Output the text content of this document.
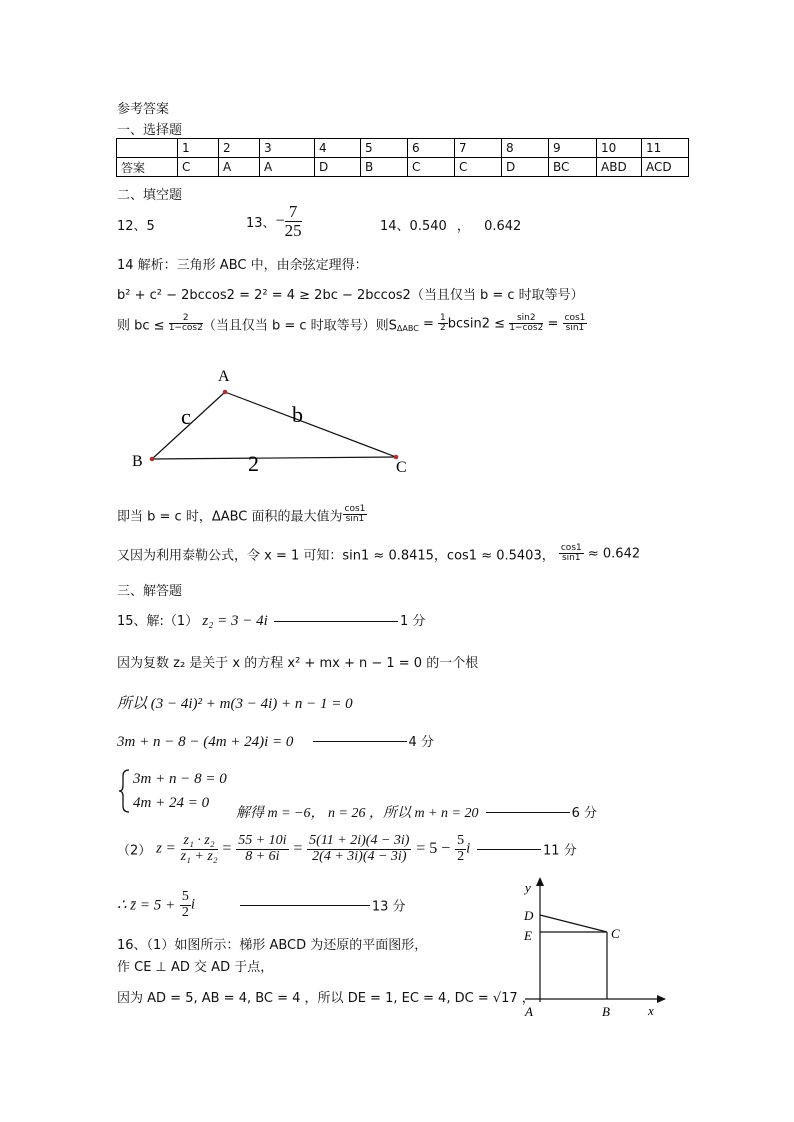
参考答案
一、选择题
	1	2	3	4	5	6	7	8	9	10	11
答案	C	A	A	D	B	C	C	D	BC	ABD	ACD
二、填空题
12、5	13、− $\frac{7}{25}$	14、0.540 ， 0.642
14 解析：三角形 ABC 中，由余弦定理得：
b² + c² − 2bccos2 = 2² = 4 ≥ 2bc − 2bccos2（当且仅当 b = c 时取等号）
则 bc ≤ $\frac{2}{1-\cos 2}$ （当且仅当 b = c 时取等号）则$S_{\Delta ABC} = \frac{1}{2} bcsin2 \le \frac{\sin 2}{1-\cos 2} = \frac{\cos 1}{\sin 1}$
A
B	C
b
c
2
即当 b = c 时，ΔABC 面积的最大值为 $\frac{\cos 1}{\sin 1}$
又因为利用泰勒公式，令 x = 1 可知：sin1 ≈ 0.8415，cos1 ≈ 0.5403， $\frac{\cos 1}{\sin 1} \approx 0.642$
三、解答题
15、解:（1） z₂ = 3 − 4i	1 分
因为复数 z₂ 是关于 x 的方程 x² + mx + n − 1 = 0 的一个根
所以 (3 − 4i)² + m(3 − 4i) + n − 1 = 0
3m + n − 8 − (4m + 24)i = 0	4 分
3m + n − 8 = 0
4m + 24 = 0
解得 m = −6， n = 26 ，所以 m + n = 20	6 分
（2） $z = \frac{\text{z₁ · z₂}}{\text{z₁ + z₂}} = \frac{55 + 10i}{8 + 6i} = \frac{5(11 + 2i)(4 - 3i)}{2(4 + 3i)(4 - 3i)} = 5 - \frac{5}{2}$ i	11 分
∴ z̄ = $5 + \frac{5}{2}$ i	13 分
16、（1）如图所示：梯形 ABCD 为还原的平面图形，
作 CE ⊥ AD 交 AD 于点，
因为 AD = 5, AB = 4, BC = 4 ，所以 DE = 1, EC = 4, DC = √17 ，
y
x
A	B
C
D
E
